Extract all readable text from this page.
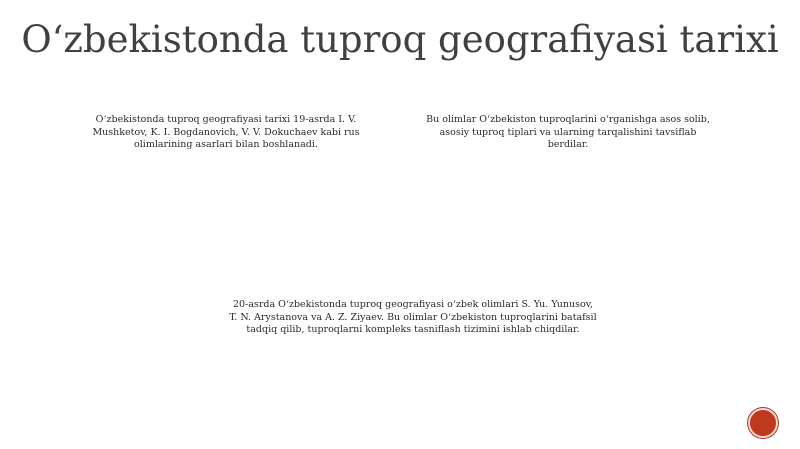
O‘zbekistonda tuproq geografiyasi tarixi
O‘zbekistonda tuproq geografiyasi tarixi 19-asrda I. V. Mushketov, K. I. Bogdanovich, V. V. Dokuchaev kabi rus olimlarining asarlari bilan boshlanadi.
Bu olimlar O‘zbekiston tuproqlarini o‘rganishga asos solib, asosiy tuproq tiplari va ularning tarqalishini tavsiflab berdilar.
20-asrda O‘zbekistonda tuproq geografiyasi o‘zbek olimlari S. Yu. Yunusov, T. N. Arystanova va A. Z. Ziyaev. Bu olimlar O‘zbekiston tuproqlarini batafsil tadqiq qilib, tuproqlarni kompleks tasniflash tizimini ishlab chiqdilar.
